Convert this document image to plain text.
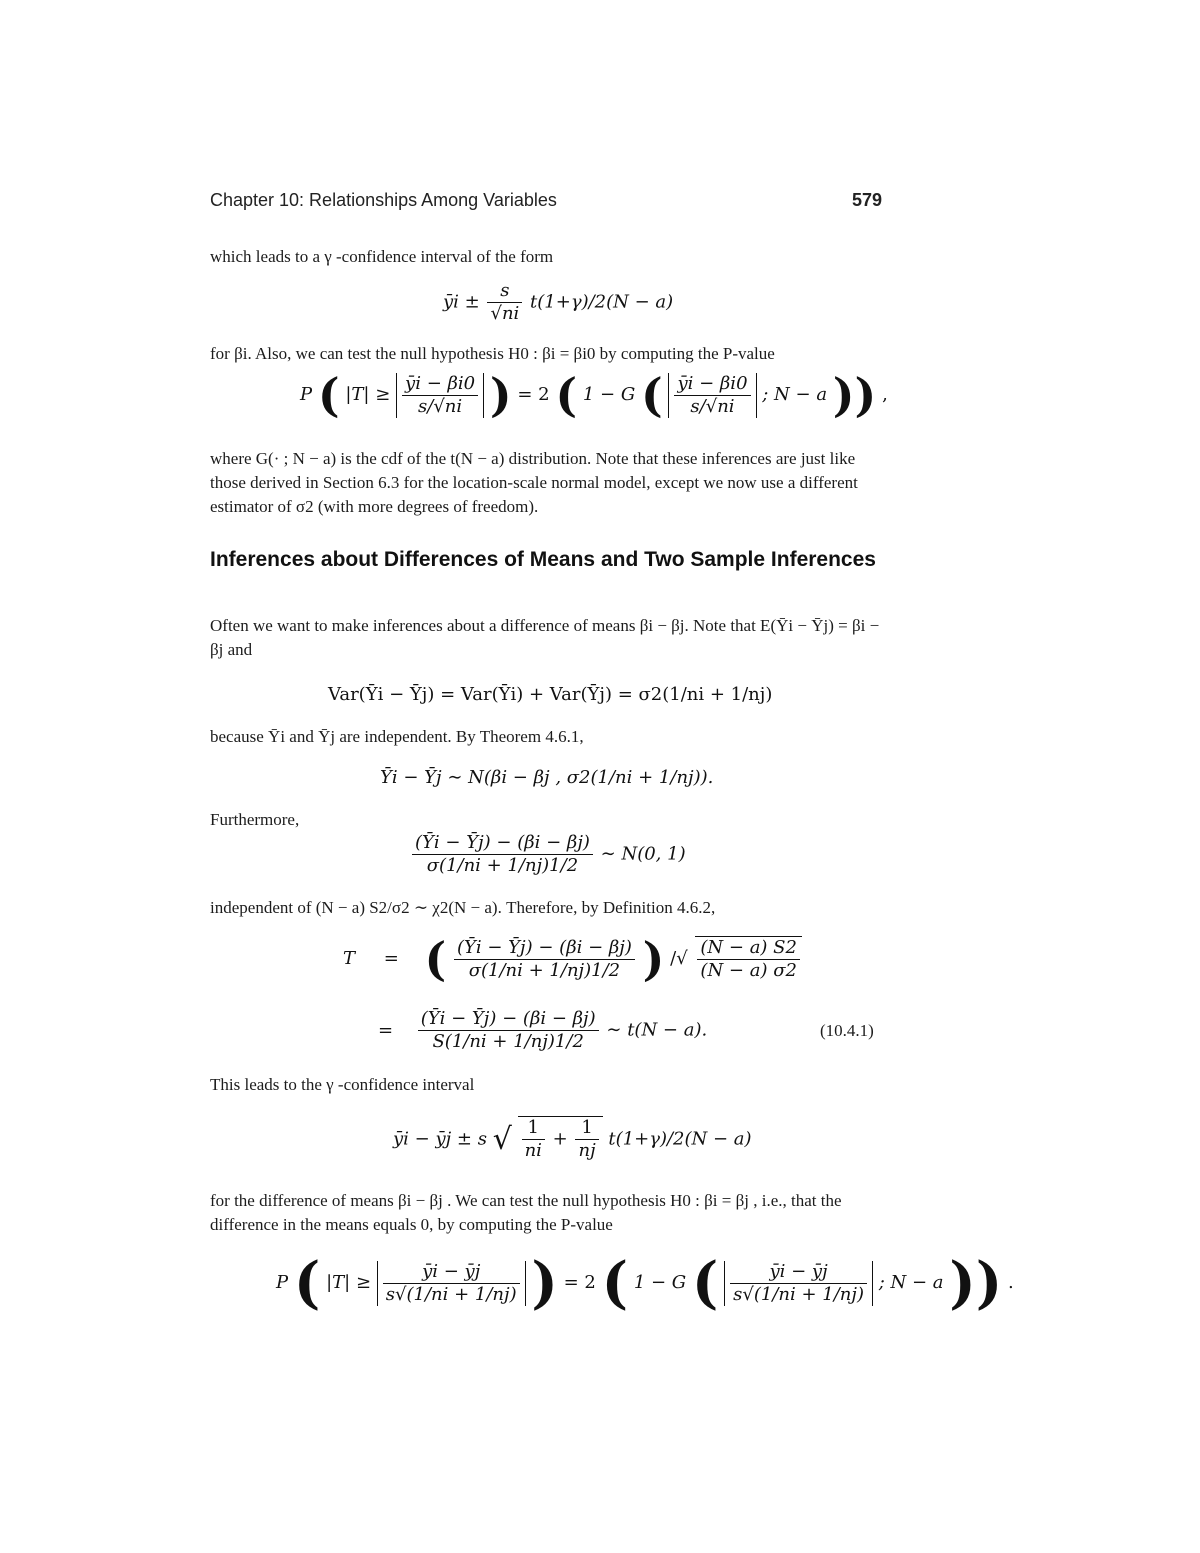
Chapter 10: Relationships Among Variables	579
which leads to a γ -confidence interval of the form
ȳi ± $\frac{s}{√ni} t(1+\gamma)/2(N - a)$
for βi. Also, we can test the null hypothesis H0 : βi = βi0 by computing the P-value
P ( $|T| \ge \frac{ȳi - \beta i0}{s/√ni}$ ) = 2 ( 1 − G ( $\frac{ȳi - \beta i0}{s/√ni}$ ; N − a )) ,
where G(· ; N − a) is the cdf of the t(N − a) distribution. Note that these inferences are just like those derived in Section 6.3 for the location-scale normal model, except we now use a different estimator of σ2 (with more degrees of freedom).
Inferences about Differences of Means and Two Sample Inferences
Often we want to make inferences about a difference of means βi − βj. Note that E(Ȳi − Ȳj) = βi − βj and
Var(Ȳi − Ȳj) = Var(Ȳi) + Var(Ȳj) = σ2(1/ni + 1/nj)
because Ȳi and Ȳj are independent. By Theorem 4.6.1,
Ȳi − Ȳj ∼ N(βi − βj , σ2(1/ni + 1/nj)).
Furthermore,
$\frac{(Ȳi - Ȳj) - (\beta i - \beta j)}{\sigma(1/ni + 1/nj)1/2}$ ∼ N(0, 1)
independent of (N − a) S2/σ2 ∼ χ2(N − a). Therefore, by Definition 4.6.2,
T = ( $\frac{(Ȳi - Ȳj) - (\beta i - \beta j)}{\sigma(1/ni + 1/nj)1/2}$ ) /√ $\frac{(N - a) S2}{(N - a) \sigma 2}$
= $\frac{(Ȳi - Ȳj) - (\beta i - \beta j)}{S(1/ni + 1/nj)1/2}$ ∼ t(N − a).	(10.4.1)
This leads to the γ -confidence interval
ȳi − ȳj ± s √ $\frac{1}{ni} + \frac{1}{nj} t(1+\gamma)/2(N - a)$
for the difference of means βi − βj . We can test the null hypothesis H0 : βi = βj , i.e., that the difference in the means equals 0, by computing the P-value
P ( $|T| \ge \frac{ȳi - ȳj}{s√(1/ni + 1/nj)}$ ) = 2 ( 1 − G ( $\frac{ȳi - ȳj}{s√(1/ni + 1/nj)}$ ; N − a )) .
